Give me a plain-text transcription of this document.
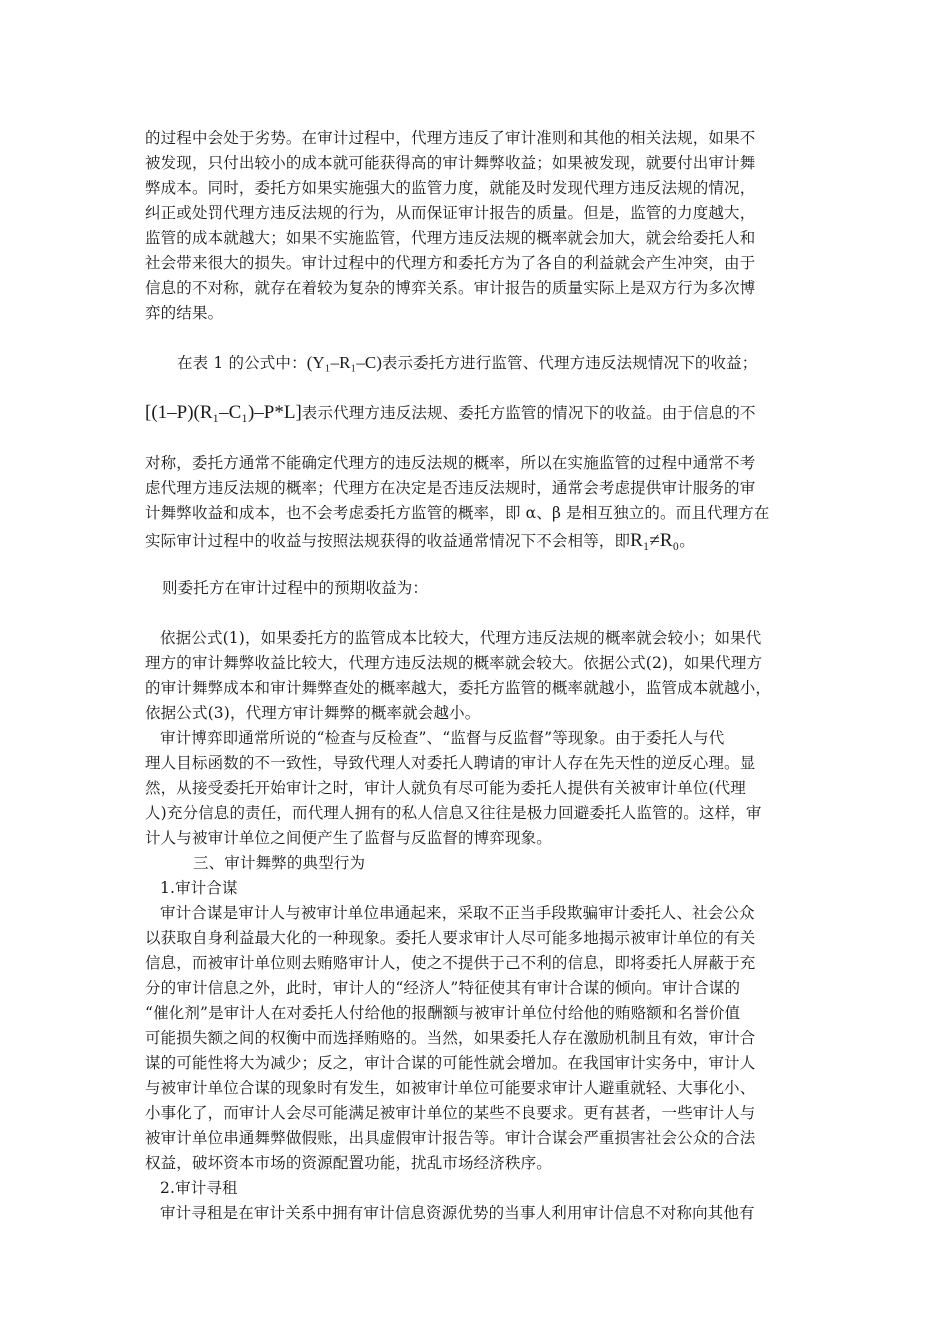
的过程中会处于劣势。在审计过程中，代理方违反了审计准则和其他的相关法规，如果不
被发现，只付出较小的成本就可能获得高的审计舞弊收益；如果被发现，就要付出审计舞
弊成本。同时，委托方如果实施强大的监管力度，就能及时发现代理方违反法规的情况，
纠正或处罚代理方违反法规的行为，从而保证审计报告的质量。但是，监管的力度越大，
监管的成本就越大；如果不实施监管，代理方违反法规的概率就会加大，就会给委托人和
社会带来很大的损失。审计过程中的代理方和委托方为了各自的利益就会产生冲突，由于
信息的不对称，就存在着较为复杂的博弈关系。审计报告的质量实际上是双方行为多次博
弈的结果。
在表 1 的公式中：(Y₁–R₁–C)表示委托方进行监管、代理方违反法规情况下的收益；
[(1–P)(R₁–C₁)–P*L]表示代理方违反法规、委托方监管的情况下的收益。由于信息的不
对称，委托方通常不能确定代理方的违反法规的概率，所以在实施监管的过程中通常不考
虑代理方违反法规的概率；代理方在决定是否违反法规时，通常会考虑提供审计服务的审
计舞弊收益和成本，也不会考虑委托方监管的概率，即 α、β 是相互独立的。而且代理方在
实际审计过程中的收益与按照法规获得的收益通常情况下不会相等，即R₁≠R₀。
则委托方在审计过程中的预期收益为：
依据公式(1)，如果委托方的监管成本比较大，代理方违反法规的概率就会较小；如果代
理方的审计舞弊收益比较大，代理方违反法规的概率就会较大。依据公式(2)，如果代理方
的审计舞弊成本和审计舞弊查处的概率越大，委托方监管的概率就越小，监管成本就越小，
依据公式(3)，代理方审计舞弊的概率就会越小。
审计博弈即通常所说的“检查与反检查”、“监督与反监督”等现象。由于委托人与代
理人目标函数的不一致性，导致代理人对委托人聘请的审计人存在先天性的逆反心理。显
然，从接受委托开始审计之时，审计人就负有尽可能为委托人提供有关被审计单位(代理
人)充分信息的责任，而代理人拥有的私人信息又往往是极力回避委托人监管的。这样，审
计人与被审计单位之间便产生了监督与反监督的博弈现象。
三、审计舞弊的典型行为
1.审计合谋
审计合谋是审计人与被审计单位串通起来，采取不正当手段欺骗审计委托人、社会公众
以获取自身利益最大化的一种现象。委托人要求审计人尽可能多地揭示被审计单位的有关
信息，而被审计单位则去贿赂审计人，使之不提供于己不利的信息，即将委托人屏蔽于充
分的审计信息之外，此时，审计人的“经济人”特征使其有审计合谋的倾向。审计合谋的
“催化剂”是审计人在对委托人付给他的报酬额与被审计单位付给他的贿赂额和名誉价值
可能损失额之间的权衡中而选择贿赂的。当然，如果委托人存在激励机制且有效，审计合
谋的可能性将大为减少；反之，审计合谋的可能性就会增加。在我国审计实务中，审计人
与被审计单位合谋的现象时有发生，如被审计单位可能要求审计人避重就轻、大事化小、
小事化了，而审计人会尽可能满足被审计单位的某些不良要求。更有甚者，一些审计人与
被审计单位串通舞弊做假账，出具虚假审计报告等。审计合谋会严重损害社会公众的合法
权益，破坏资本市场的资源配置功能，扰乱市场经济秩序。
2.审计寻租
审计寻租是在审计关系中拥有审计信息资源优势的当事人利用审计信息不对称向其他有
